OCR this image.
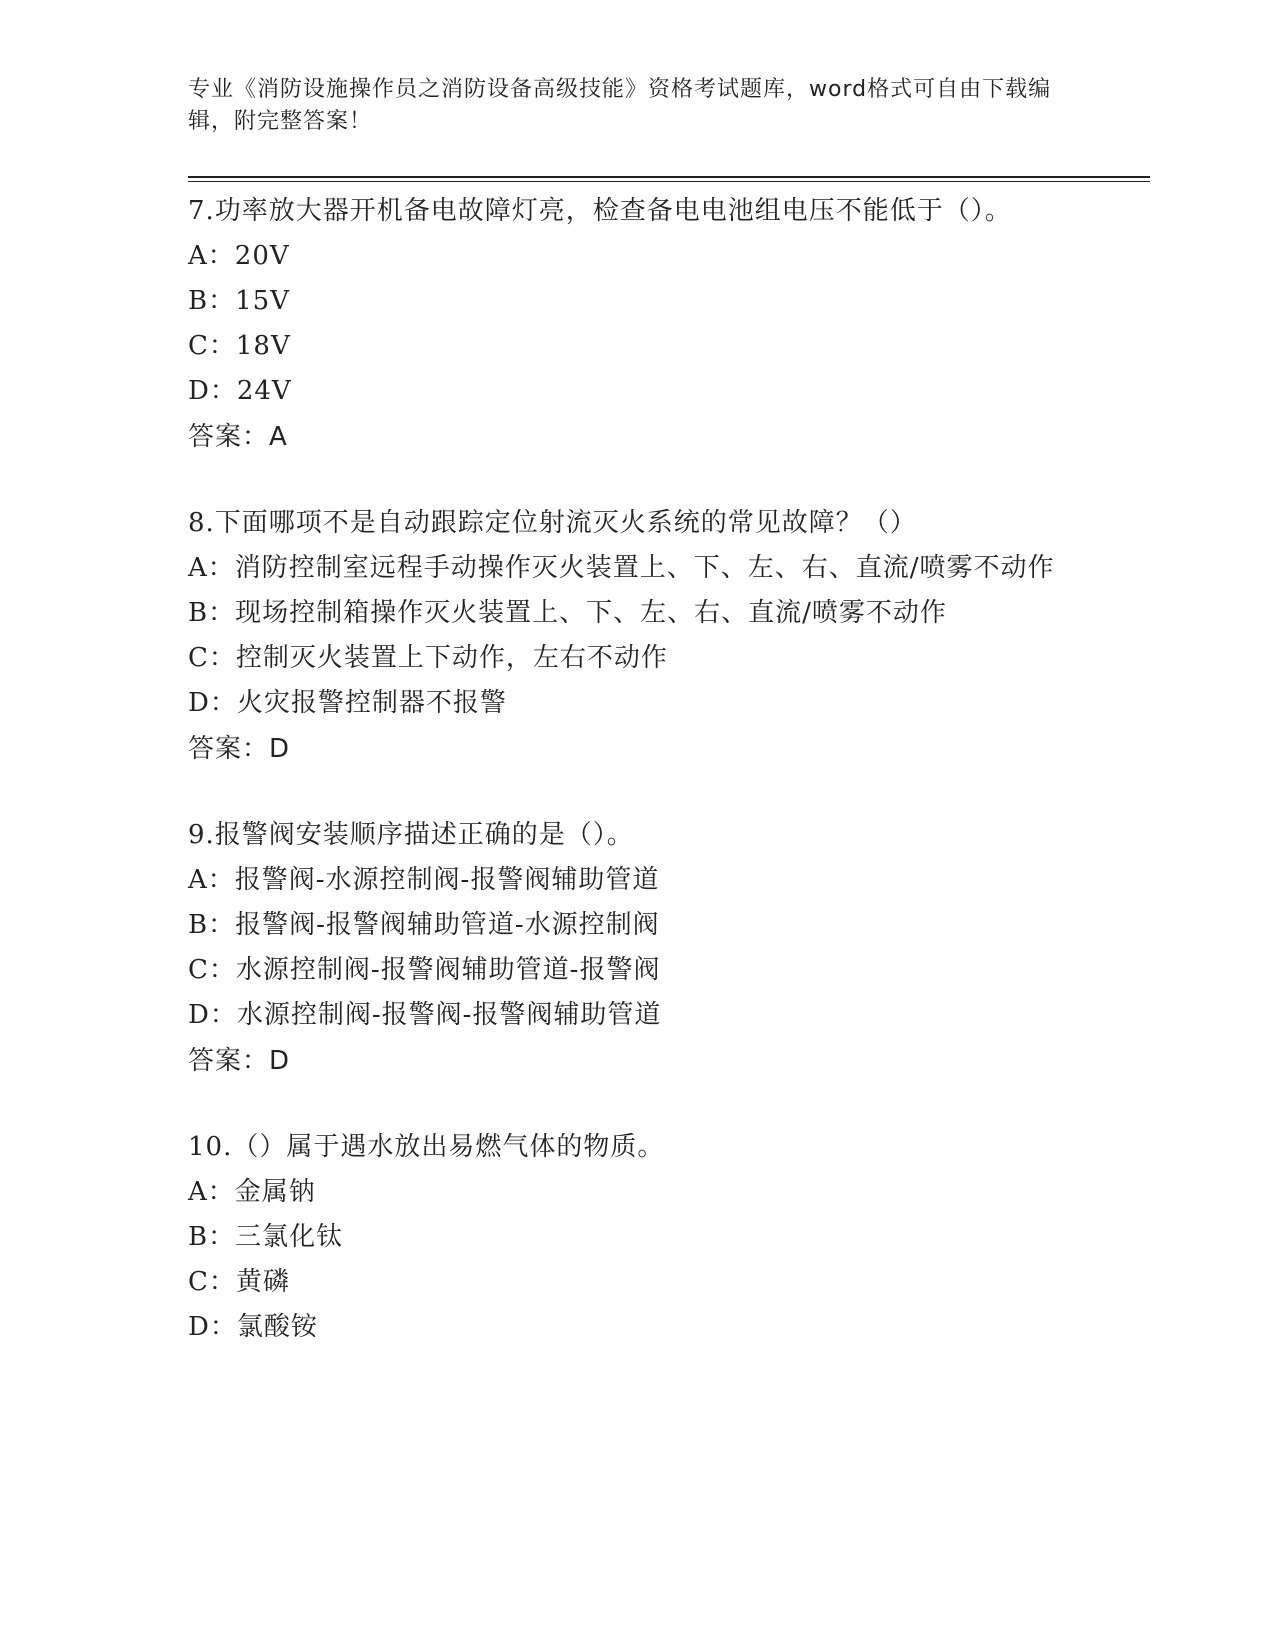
专业《消防设施操作员之消防设备高级技能》资格考试题库，word格式可自由下载编辑，附完整答案！
7.功率放大器开机备电故障灯亮，检查备电电池组电压不能低于（）。
A：20V
B：15V
C：18V
D：24V
答案：A
8.下面哪项不是自动跟踪定位射流灭火系统的常见故障？（）
A：消防控制室远程手动操作灭火装置上、下、左、右、直流/喷雾不动作
B：现场控制箱操作灭火装置上、下、左、右、直流/喷雾不动作
C：控制灭火装置上下动作，左右不动作
D：火灾报警控制器不报警
答案：D
9.报警阀安装顺序描述正确的是（）。
A：报警阀-水源控制阀-报警阀辅助管道
B：报警阀-报警阀辅助管道-水源控制阀
C：水源控制阀-报警阀辅助管道-报警阀
D：水源控制阀-报警阀-报警阀辅助管道
答案：D
10.（）属于遇水放出易燃气体的物质。
A：金属钠
B：三氯化钛
C：黄磷
D：氯酸铵
